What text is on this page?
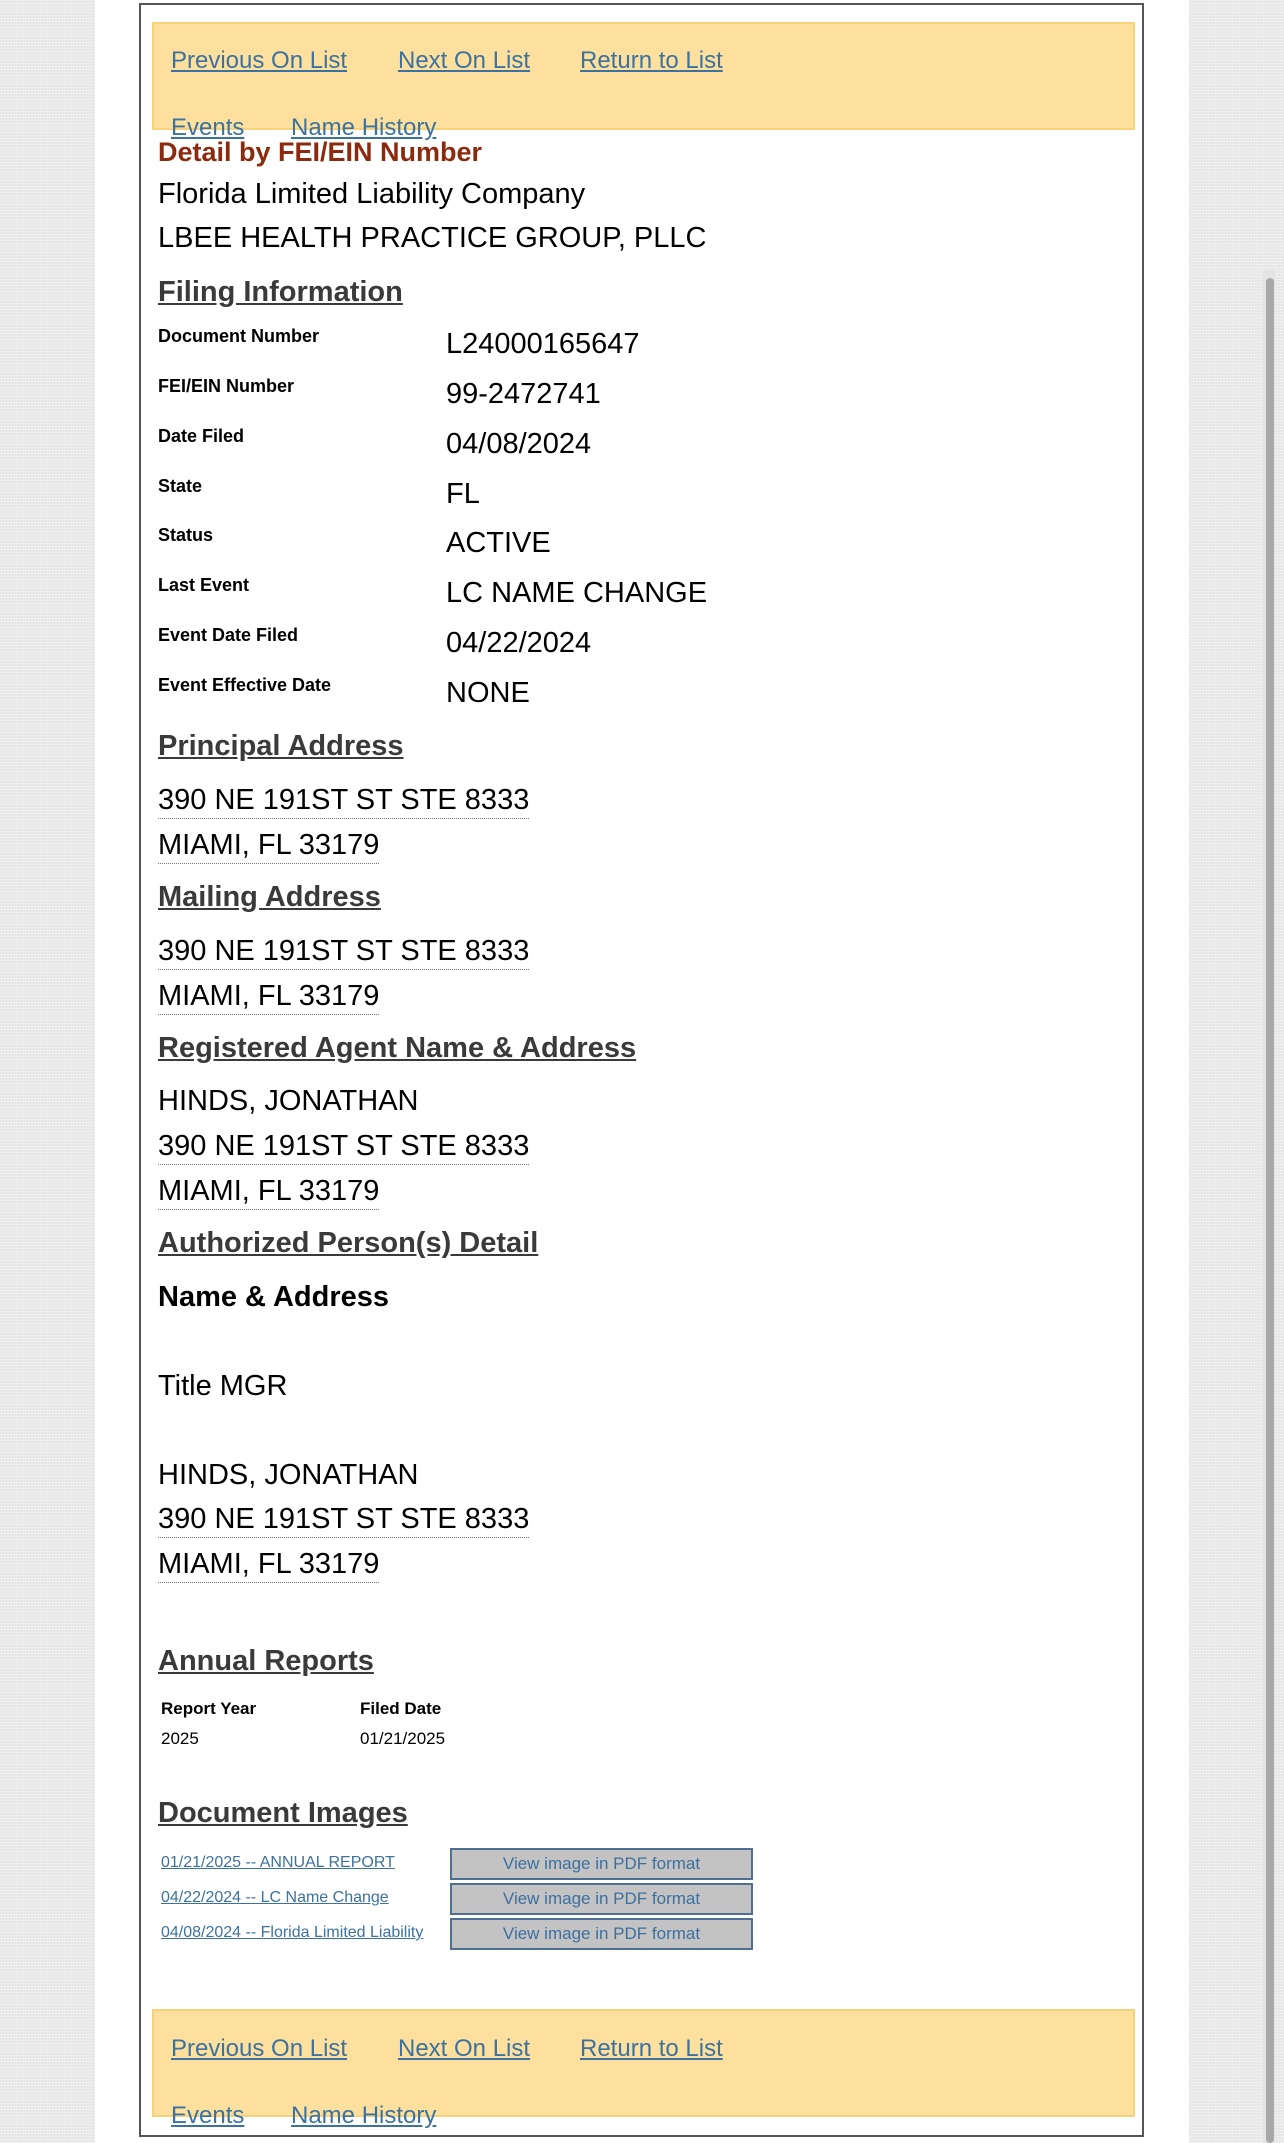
Previous On List Next On List Return to List
Events Name History
Detail by FEI/EIN Number
Florida Limited Liability Company
LBEE HEALTH PRACTICE GROUP, PLLC
Filing Information
Document Number	L24000165647
FEI/EIN Number	99-2472741
Date Filed	04/08/2024
State	FL
Status	ACTIVE
Last Event	LC NAME CHANGE
Event Date Filed	04/22/2024
Event Effective Date	NONE
Principal Address
390 NE 191ST ST STE 8333
MIAMI, FL 33179
Mailing Address
390 NE 191ST ST STE 8333
MIAMI, FL 33179
Registered Agent Name & Address
HINDS, JONATHAN
390 NE 191ST ST STE 8333
MIAMI, FL 33179
Authorized Person(s) Detail
Name & Address
Title MGR
HINDS, JONATHAN
390 NE 191ST ST STE 8333
MIAMI, FL 33179
Annual Reports
Report Year	Filed Date
2025	01/21/2025
Document Images
01/21/2025 -- ANNUAL REPORT	View image in PDF format
04/22/2024 -- LC Name Change	View image in PDF format
04/08/2024 -- Florida Limited Liability	View image in PDF format
Previous On List Next On List Return to List
Events Name History
